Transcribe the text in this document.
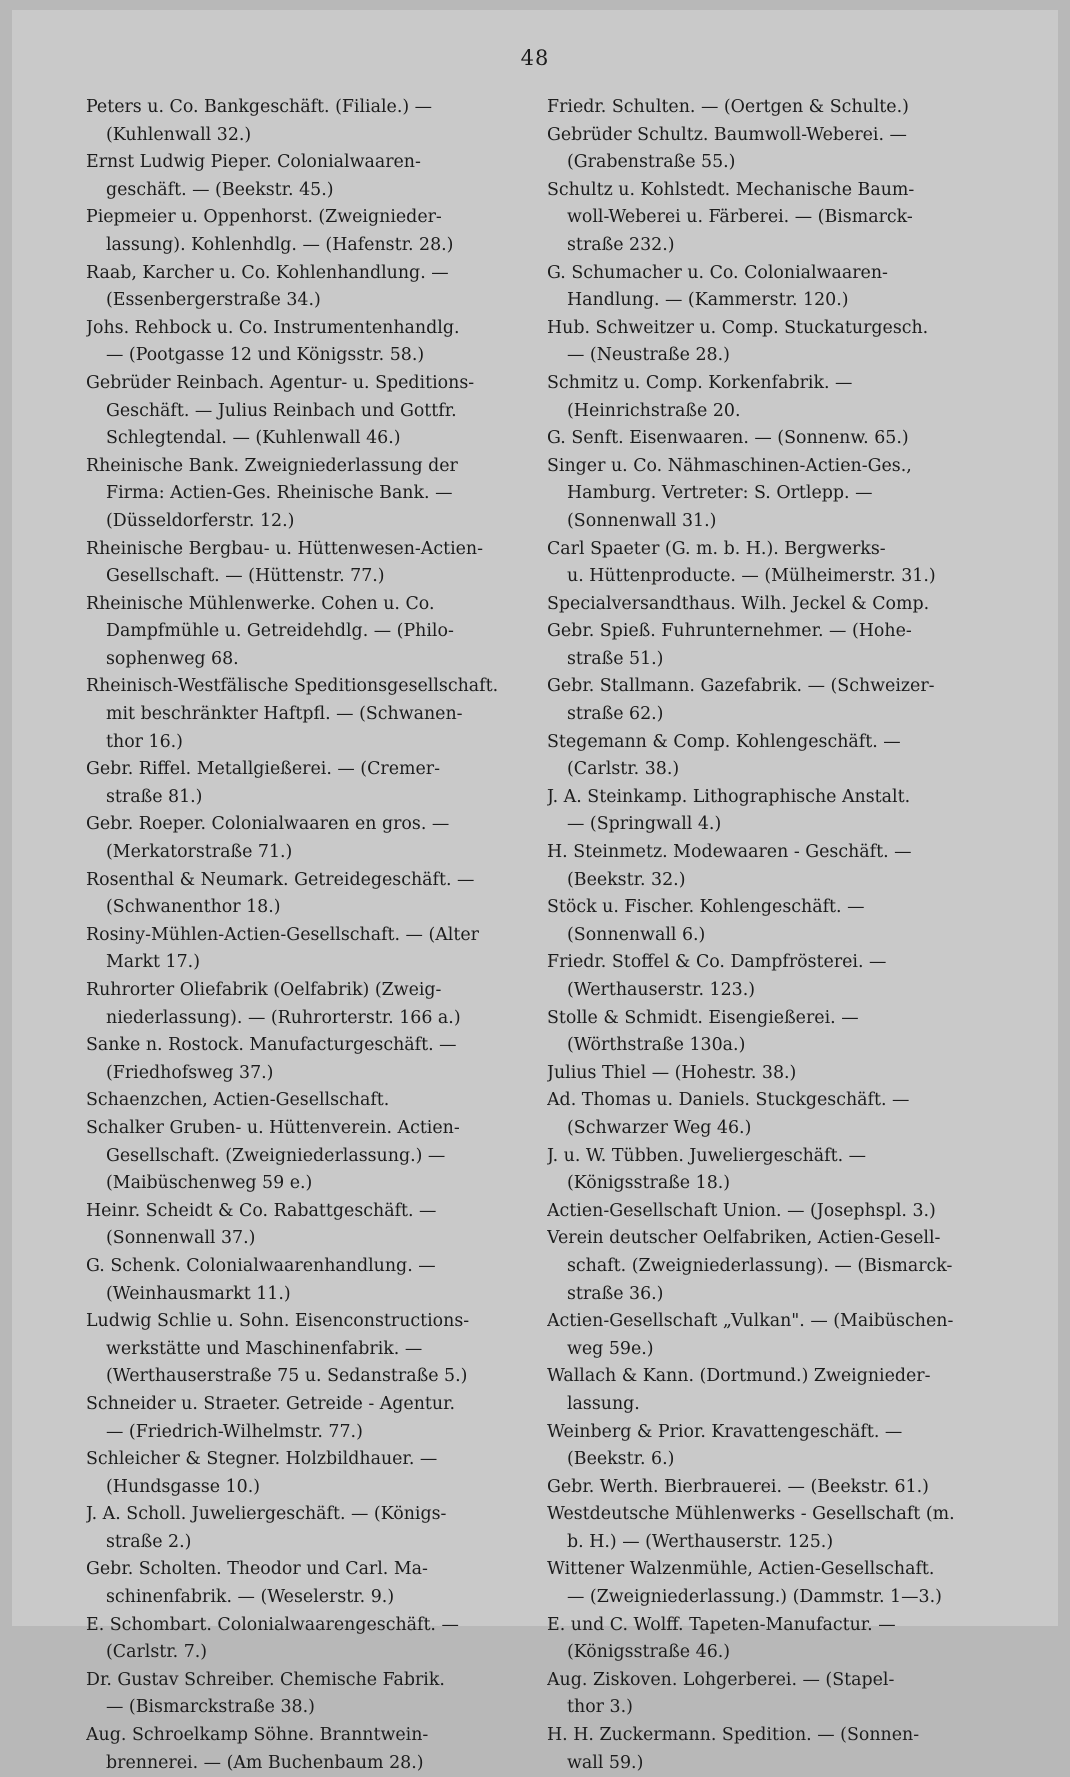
48

Peters u. Co. Bankgeschäft. (Filiale.) —
(Kuhlenwall 32.)

Ernst Ludwig Pieper. Colonialwaaren-
geschäft. — (Beekstr. 45.)

Piepmeier u. Oppenhorst. (Zweignieder-
lassung). Kohlenhdlg. — (Hafenstr. 28.)

Raab, Karcher u. Co. Kohlenhandlung. —
(Essenbergerstraße 34.)

Johs. Rehbock u. Co. Instrumentenhandlg.
— (Pootgasse 12 und Königsstr. 58.)

Gebrüder Reinbach. Agentur- u. Speditions-
Geschäft. — Julius Reinbach und Gottfr.
Schlegtendal. — (Kuhlenwall 46.)

Rheinische Bank. Zweigniederlassung der
Firma: Actien-Ges. Rheinische Bank. —
(Düsseldorferstr. 12.)

Rheinische Bergbau- u. Hüttenwesen-Actien-
Gesellschaft. — (Hüttenstr. 77.)

Rheinische Mühlenwerke. Cohen u. Co.
Dampfmühle u. Getreidehdlg. — (Philo-
sophenweg 68.

Rheinisch-Westfälische Speditionsgesellschaft.
mit beschränkter Haftpfl. — (Schwanen-
thor 16.)

Gebr. Riffel. Metallgießerei. — (Cremer-
straße 81.)

Gebr. Roeper. Colonialwaaren en gros. —
(Merkatorstraße 71.)

Rosenthal & Neumark. Getreidegeschäft. —
(Schwanenthor 18.)

Rosiny-Mühlen-Actien-Gesellschaft. — (Alter
Markt 17.)

Ruhrorter Oliefabrik (Oelfabrik) (Zweig-
niederlassung). — (Ruhrorterstr. 166 a.)

Sanke n. Rostock. Manufacturgeschäft. —
(Friedhofsweg 37.)

Schaenzchen, Actien-Gesellschaft.

Schalker Gruben- u. Hüttenverein. Actien-
Gesellschaft. (Zweigniederlassung.) —
(Maibüschenweg 59 e.)

Heinr. Scheidt & Co. Rabattgeschäft. —
(Sonnenwall 37.)

G. Schenk. Colonialwaarenhandlung. —
(Weinhausmarkt 11.)

Ludwig Schlie u. Sohn. Eisenconstructions-
werkstätte und Maschinenfabrik. —
(Werthauserstraße 75 u. Sedanstraße 5.)

Schneider u. Straeter. Getreide - Agentur.
— (Friedrich-Wilhelmstr. 77.)

Schleicher & Stegner. Holzbildhauer. —
(Hundsgasse 10.)

J. A. Scholl. Juweliergeschäft. — (Königs-
straße 2.)

Gebr. Scholten. Theodor und Carl. Ma-
schinenfabrik. — (Weselerstr. 9.)

E. Schombart. Colonialwaarengeschäft. —
(Carlstr. 7.)

Dr. Gustav Schreiber. Chemische Fabrik.
— (Bismarckstraße 38.)

Aug. Schroelkamp Söhne. Branntwein-
brennerei. — (Am Buchenbaum 28.)

Friedr. Schulten. — (Oertgen & Schulte.)

Gebrüder Schultz. Baumwoll-Weberei. —
(Grabenstraße 55.)

Schultz u. Kohlstedt. Mechanische Baum-
woll-Weberei u. Färberei. — (Bismarck-
straße 232.)

G. Schumacher u. Co. Colonialwaaren-
Handlung. — (Kammerstr. 120.)

Hub. Schweitzer u. Comp. Stuckaturgesch.
— (Neustraße 28.)

Schmitz u. Comp. Korkenfabrik. —
(Heinrichstraße 20.

G. Senft. Eisenwaaren. — (Sonnenw. 65.)

Singer u. Co. Nähmaschinen-Actien-Ges.,
Hamburg. Vertreter: S. Ortlepp. —
(Sonnenwall 31.)

Carl Spaeter (G. m. b. H.). Bergwerks-
u. Hüttenproducte. — (Mülheimerstr. 31.)

Specialversandthaus. Wilh. Jeckel & Comp.

Gebr. Spieß. Fuhrunternehmer. — (Hohe-
straße 51.)

Gebr. Stallmann. Gazefabrik. — (Schweizer-
straße 62.)

Stegemann & Comp. Kohlengeschäft. —
(Carlstr. 38.)

J. A. Steinkamp. Lithographische Anstalt.
— (Springwall 4.)

H. Steinmetz. Modewaaren - Geschäft. —
(Beekstr. 32.)

Stöck u. Fischer. Kohlengeschäft. —
(Sonnenwall 6.)

Friedr. Stoffel & Co. Dampfrösterei. —
(Werthauserstr. 123.)

Stolle & Schmidt. Eisengießerei. —
(Wörthstraße 130a.)

Julius Thiel — (Hohestr. 38.)

Ad. Thomas u. Daniels. Stuckgeschäft. —
(Schwarzer Weg 46.)

J. u. W. Tübben. Juweliergeschäft. —
(Königsstraße 18.)

Actien-Gesellschaft Union. — (Josephspl. 3.)

Verein deutscher Oelfabriken, Actien-Gesell-
schaft. (Zweigniederlassung). — (Bismarck-
straße 36.)

Actien-Gesellschaft „Vulkan". — (Maibüschen-
weg 59e.)

Wallach & Kann. (Dortmund.) Zweignieder-
lassung.

Weinberg & Prior. Kravattengeschäft. —
(Beekstr. 6.)

Gebr. Werth. Bierbrauerei. — (Beekstr. 61.)

Westdeutsche Mühlenwerks - Gesellschaft (m.
b. H.) — (Werthauserstr. 125.)

Wittener Walzenmühle, Actien-Gesellschaft.
— (Zweigniederlassung.) (Dammstr. 1—3.)

E. und C. Wolff. Tapeten-Manufactur. —
(Königsstraße 46.)

Aug. Ziskoven. Lohgerberei. — (Stapel-
thor 3.)

H. H. Zuckermann. Spedition. — (Sonnen-
wall 59.)
